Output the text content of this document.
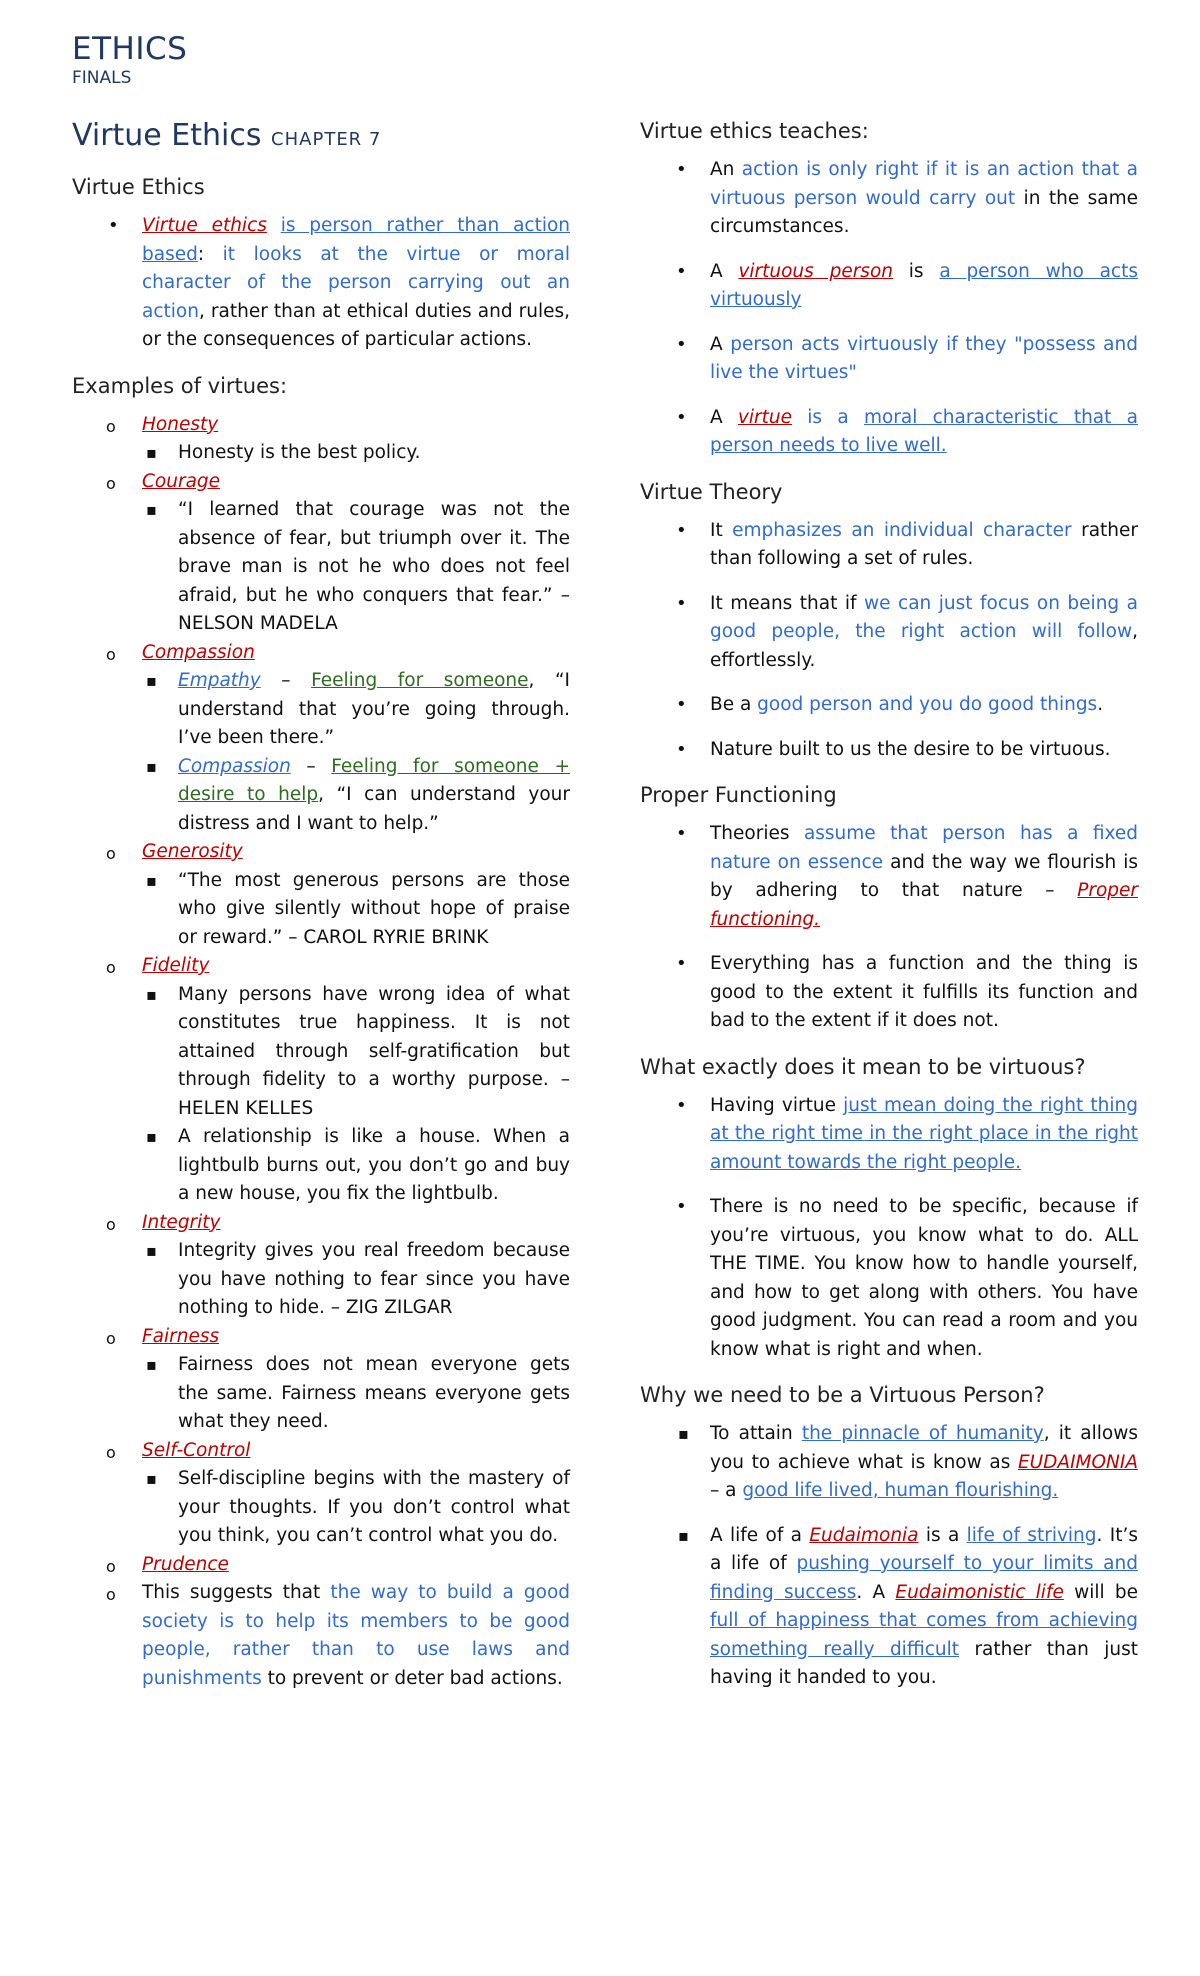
ETHICS
FINALS
Virtue Ethics CHAPTER 7
Virtue Ethics
• Virtue ethics is person rather than action based: it looks at the virtue or moral character of the person carrying out an action, rather than at ethical duties and rules, or the consequences of particular actions.
Examples of virtues:
o Honesty
▪ Honesty is the best policy.
o Courage
▪ “I learned that courage was not the absence of fear, but triumph over it. The brave man is not he who does not feel afraid, but he who conquers that fear.” – NELSON MADELA
o Compassion
▪ Empathy – Feeling for someone, “I understand that you’re going through. I’ve been there.”
▪ Compassion – Feeling for someone + desire to help, “I can understand your distress and I want to help.”
o Generosity
▪ “The most generous persons are those who give silently without hope of praise or reward.” – CAROL RYRIE BRINK
o Fidelity
▪ Many persons have wrong idea of what constitutes true happiness. It is not attained through self-gratification but through fidelity to a worthy purpose. – HELEN KELLES
▪ A relationship is like a house. When a lightbulb burns out, you don’t go and buy a new house, you fix the lightbulb.
o Integrity
▪ Integrity gives you real freedom because you have nothing to fear since you have nothing to hide. – ZIG ZILGAR
o Fairness
▪ Fairness does not mean everyone gets the same. Fairness means everyone gets what they need.
o Self-Control
▪ Self-discipline begins with the mastery of your thoughts. If you don’t control what you think, you can’t control what you do.
o Prudence
o This suggests that the way to build a good society is to help its members to be good people, rather than to use laws and punishments to prevent or deter bad actions.
Virtue ethics teaches:
• An action is only right if it is an action that a virtuous person would carry out in the same circumstances.
• A virtuous person is a person who acts virtuously
• A person acts virtuously if they "possess and live the virtues"
• A virtue is a moral characteristic that a person needs to live well.
Virtue Theory
• It emphasizes an individual character rather than following a set of rules.
• It means that if we can just focus on being a good people, the right action will follow, effortlessly.
• Be a good person and you do good things.
• Nature built to us the desire to be virtuous.
Proper Functioning
• Theories assume that person has a fixed nature on essence and the way we flourish is by adhering to that nature – Proper functioning.
• Everything has a function and the thing is good to the extent it fulfills its function and bad to the extent if it does not.
What exactly does it mean to be virtuous?
• Having virtue just mean doing the right thing at the right time in the right place in the right amount towards the right people.
• There is no need to be specific, because if you’re virtuous, you know what to do. ALL THE TIME. You know how to handle yourself, and how to get along with others. You have good judgment. You can read a room and you know what is right and when.
Why we need to be a Virtuous Person?
▪ To attain the pinnacle of humanity, it allows you to achieve what is know as EUDAIMONIA – a good life lived, human flourishing.
▪ A life of a Eudaimonia is a life of striving. It’s a life of pushing yourself to your limits and finding success. A Eudaimonistic life will be full of happiness that comes from achieving something really difficult rather than just having it handed to you.
